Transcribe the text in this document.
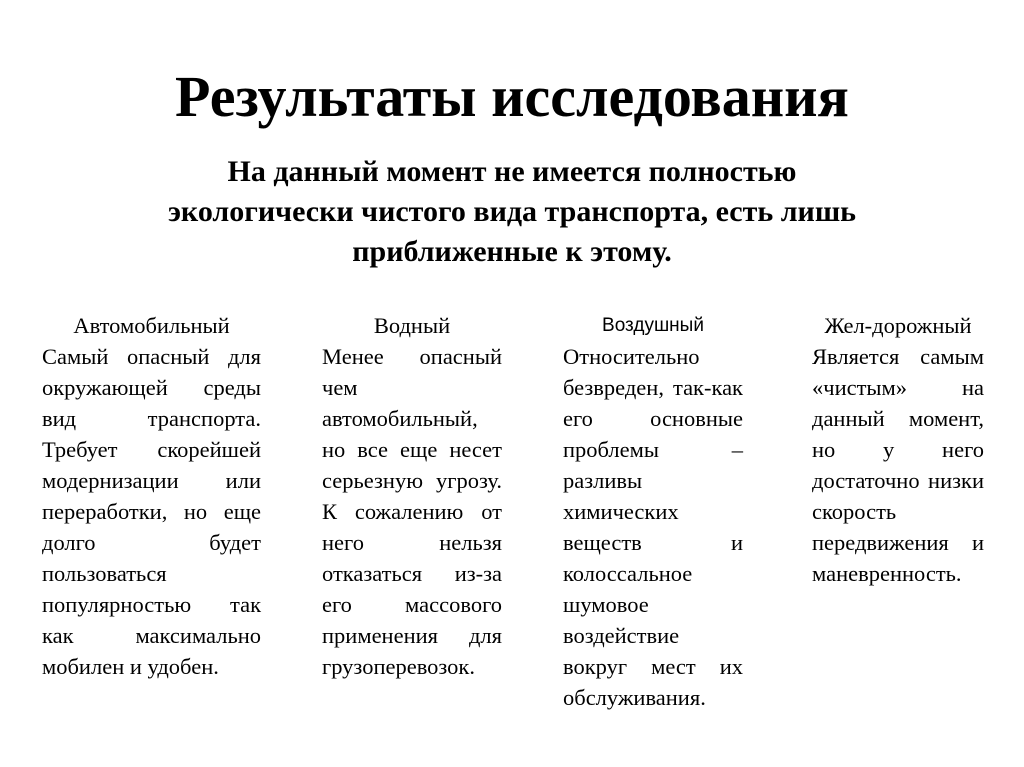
Результаты исследования
На данный момент не имеется полностью экологически чистого вида транспорта, есть лишь приближенные к этому.
Автомобильный
Самый опасный для окружающей среды вид транспорта. Требует скорейшей модернизации или переработки, но еще долго будет пользоваться популярностью так как максимально мобилен и удобен.
Водный
Менее опасный чем автомобильный, но все еще несет серьезную угрозу. К сожалению от него нельзя отказаться из-за его массового применения для грузоперевозок.
Воздушный
Относительно безвреден, так-как его основные проблемы – разливы химических веществ и колоссальное шумовое воздействие вокруг мест их обслуживания.
Жел-дорожный
Является самым «чистым» на данный момент, но у него достаточно низки скорость передвижения и маневренность.
